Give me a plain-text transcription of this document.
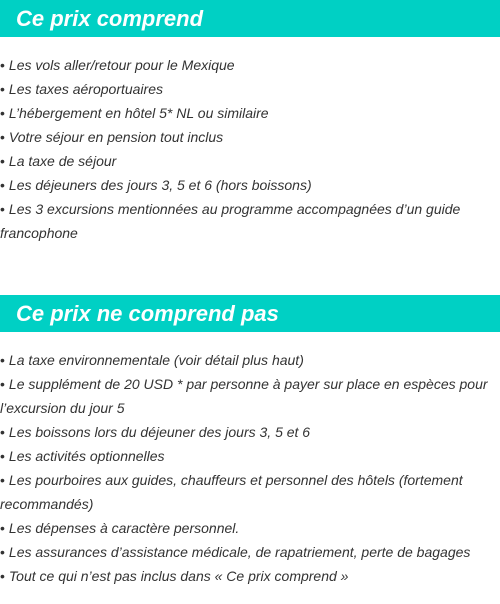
Ce prix comprend
• Les vols aller/retour pour le Mexique
• Les taxes aéroportuaires
• L’hébergement en hôtel 5* NL ou similaire
• Votre séjour en pension tout inclus
• La taxe de séjour
• Les déjeuners des jours 3, 5 et 6 (hors boissons)
• Les 3 excursions mentionnées au programme accompagnées d’un guide francophone
Ce prix ne comprend pas
• La taxe environnementale (voir détail plus haut)
• Le supplément de 20 USD * par personne à payer sur place en espèces pour l’excursion du jour 5
• Les boissons lors du déjeuner des jours 3, 5 et 6
• Les activités optionnelles
• Les pourboires aux guides, chauffeurs et personnel des hôtels (fortement recommandés)
• Les dépenses à caractère personnel.
• Les assurances d’assistance médicale, de rapatriement, perte de bagages
• Tout ce qui n’est pas inclus dans « Ce prix comprend »
